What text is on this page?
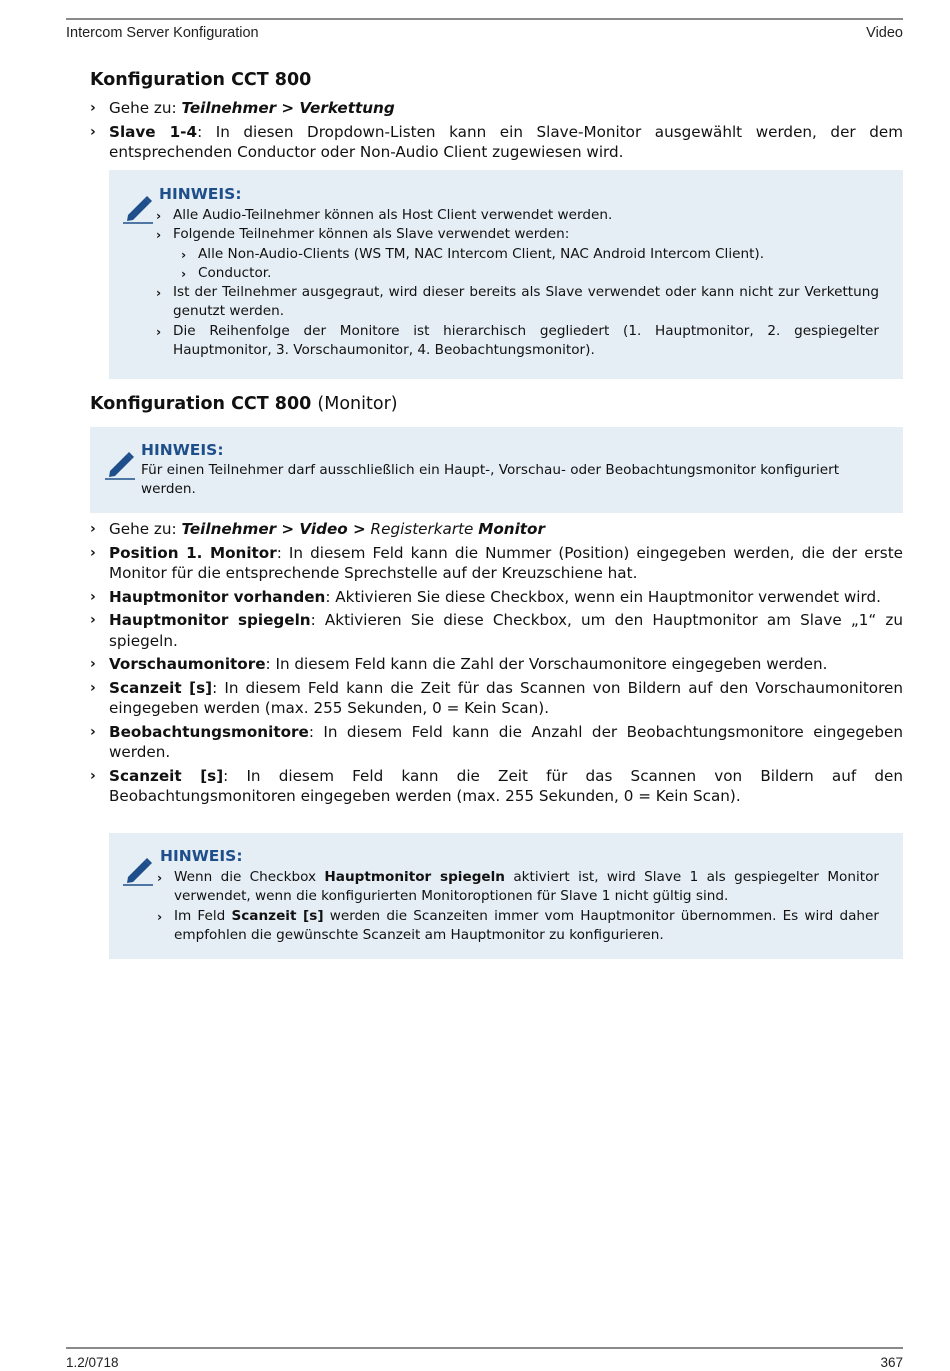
Intercom Server Konfiguration	Video
Konfiguration CCT 800
› Gehe zu: Teilnehmer > Verkettung
› Slave 1-4: In diesen Dropdown-Listen kann ein Slave-Monitor ausgewählt werden, der dem entsprechenden Conductor oder Non-Audio Client zugewiesen wird.
HINWEIS:
› Alle Audio-Teilnehmer können als Host Client verwendet werden.
› Folgende Teilnehmer können als Slave verwendet werden:
› Alle Non-Audio-Clients (WS TM, NAC Intercom Client, NAC Android Intercom Client).
› Conductor.
› Ist der Teilnehmer ausgegraut, wird dieser bereits als Slave verwendet oder kann nicht zur Verkettung genutzt werden.
› Die Reihenfolge der Monitore ist hierarchisch gegliedert (1. Hauptmonitor, 2. gespiegelter Hauptmonitor, 3. Vorschaumonitor, 4. Beobachtungsmonitor).
Konfiguration CCT 800 (Monitor)
HINWEIS:
Für einen Teilnehmer darf ausschließlich ein Haupt-, Vorschau- oder Beobachtungsmonitor konfiguriert werden.
› Gehe zu: Teilnehmer > Video > Registerkarte Monitor
› Position 1. Monitor: In diesem Feld kann die Nummer (Position) eingegeben werden, die der erste Monitor für die entsprechende Sprechstelle auf der Kreuzschiene hat.
› Hauptmonitor vorhanden: Aktivieren Sie diese Checkbox, wenn ein Hauptmonitor verwendet wird.
› Hauptmonitor spiegeln: Aktivieren Sie diese Checkbox, um den Hauptmonitor am Slave „1“ zu spiegeln.
› Vorschaumonitore: In diesem Feld kann die Zahl der Vorschaumonitore eingegeben werden.
› Scanzeit [s]: In diesem Feld kann die Zeit für das Scannen von Bildern auf den Vorschaumonitoren eingegeben werden (max. 255 Sekunden, 0 = Kein Scan).
› Beobachtungsmonitore: In diesem Feld kann die Anzahl der Beobachtungsmonitore eingegeben werden.
› Scanzeit [s]: In diesem Feld kann die Zeit für das Scannen von Bildern auf den Beobachtungsmonitoren eingegeben werden (max. 255 Sekunden, 0 = Kein Scan).
HINWEIS:
› Wenn die Checkbox Hauptmonitor spiegeln aktiviert ist, wird Slave 1 als gespiegelter Monitor verwendet, wenn die konfigurierten Monitoroptionen für Slave 1 nicht gültig sind.
› Im Feld Scanzeit [s] werden die Scanzeiten immer vom Hauptmonitor übernommen. Es wird daher empfohlen die gewünschte Scanzeit am Hauptmonitor zu konfigurieren.
1.2/0718	367
